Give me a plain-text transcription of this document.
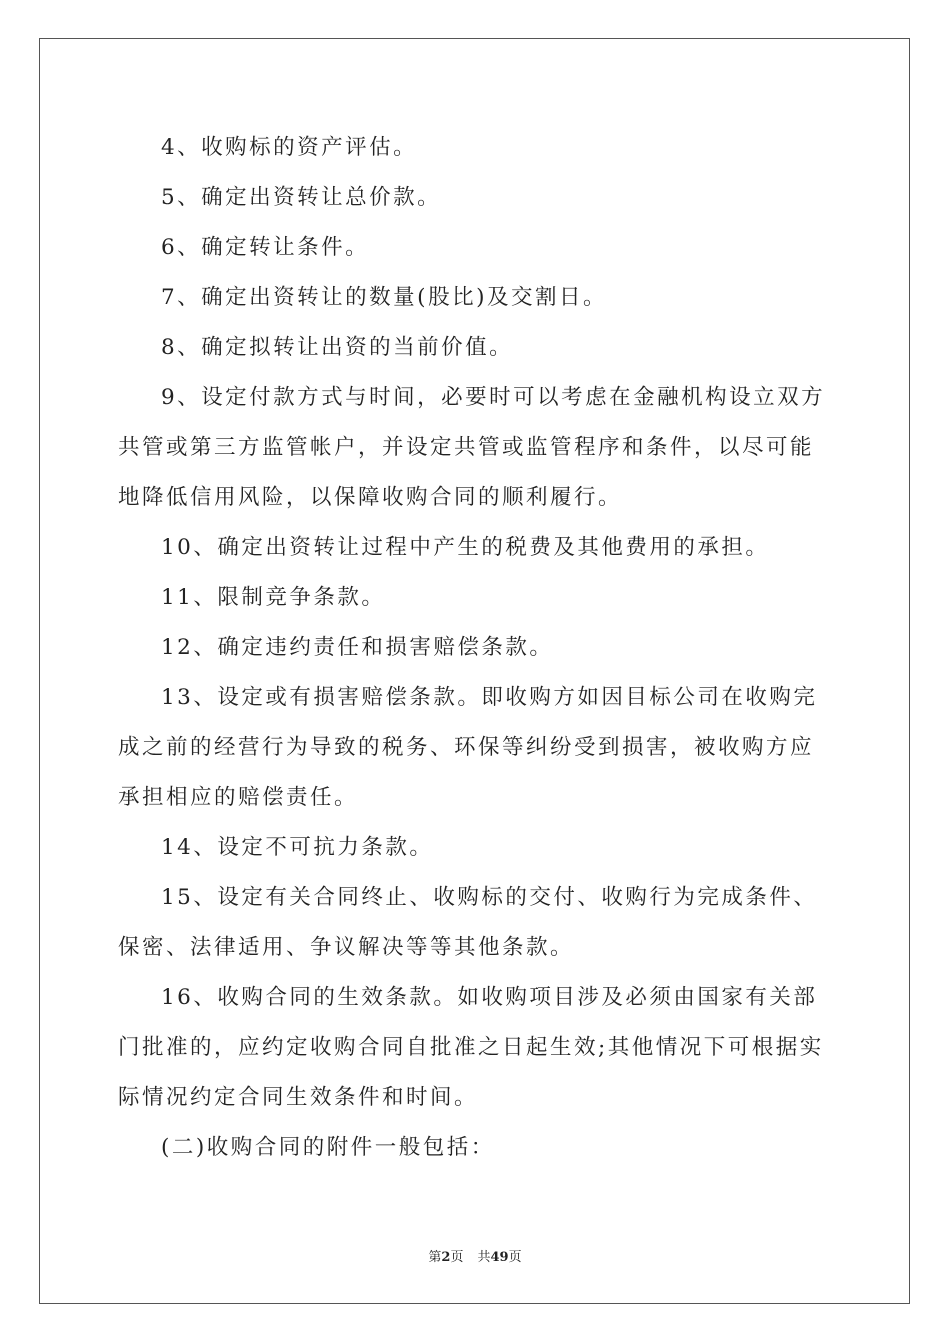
4、收购标的资产评估。

5、确定出资转让总价款。

6、确定转让条件。

7、确定出资转让的数量(股比)及交割日。

8、确定拟转让出资的当前价值。

9、设定付款方式与时间，必要时可以考虑在金融机构设立双方共管或第三方监管帐户，并设定共管或监管程序和条件，以尽可能地降低信用风险，以保障收购合同的顺利履行。

10、确定出资转让过程中产生的税费及其他费用的承担。

11、限制竞争条款。

12、确定违约责任和损害赔偿条款。

13、设定或有损害赔偿条款。即收购方如因目标公司在收购完成之前的经营行为导致的税务、环保等纠纷受到损害，被收购方应承担相应的赔偿责任。

14、设定不可抗力条款。

15、设定有关合同终止、收购标的交付、收购行为完成条件、保密、法律适用、争议解决等等其他条款。

16、收购合同的生效条款。如收购项目涉及必须由国家有关部门批准的，应约定收购合同自批准之日起生效;其他情况下可根据实际情况约定合同生效条件和时间。

(二)收购合同的附件一般包括：

第2页 共49页
